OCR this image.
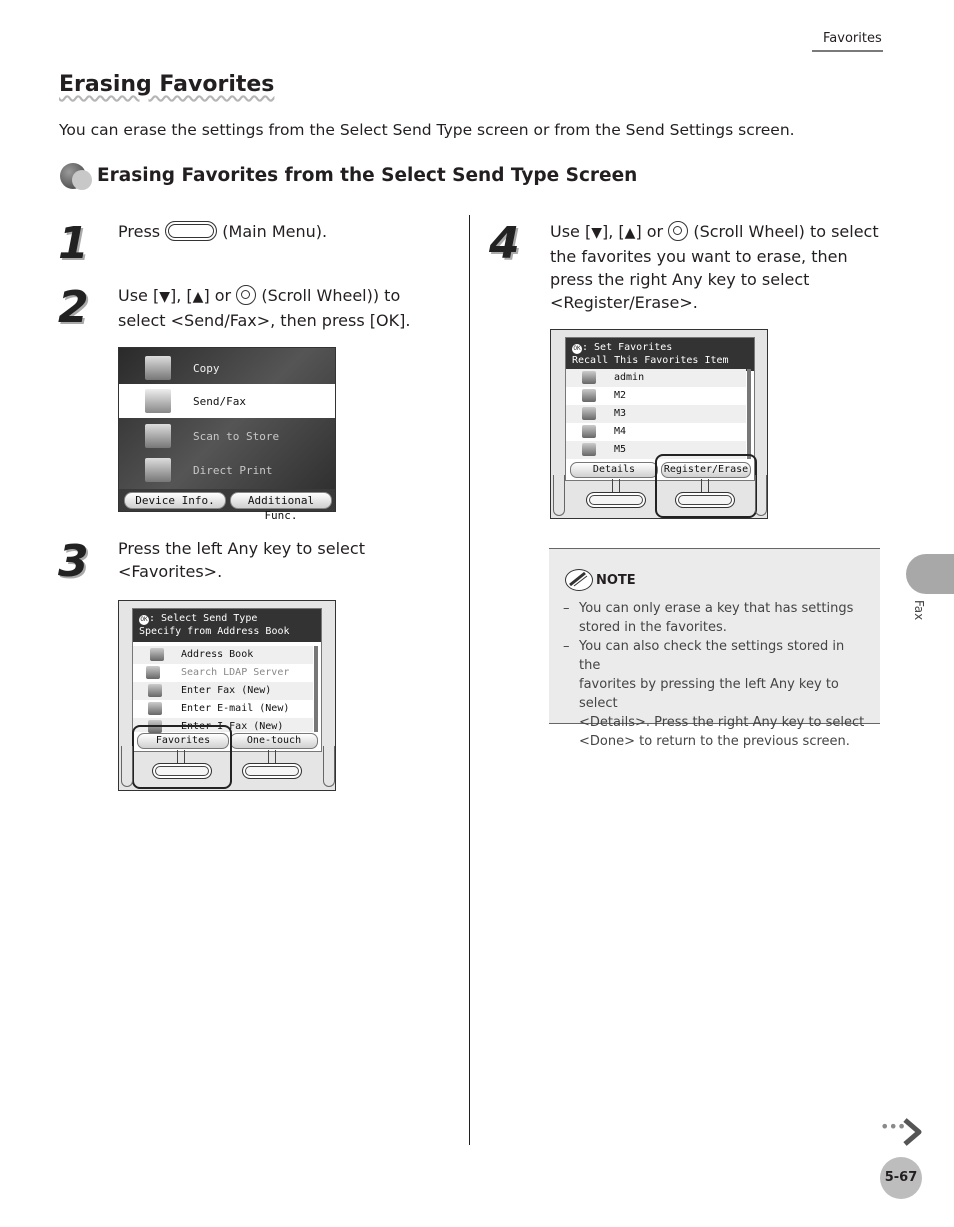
Favorites
Erasing Favorites
You can erase the settings from the Select Send Type screen or from the Send Settings screen.
Erasing Favorites from the Select Send Type Screen
1 Press	(Main Menu).
2 Use [▼], [▲] or (Scroll Wheel)) to
select <Send/Fax>, then press [OK].
Copy
Send/Fax
Scan to Store
Direct Print
Device Info.	Additional Func.
3 Press the left Any key to select
<Favorites>.
OK: Select Send Type
Specify from Address Book
Address Book
Search LDAP Server
Enter Fax (New)
Enter E-mail (New)
Enter I-Fax (New)
Favorites	One-touch
4 Use [▼], [▲] or (Scroll Wheel) to select
the favorites you want to erase, then
press the right Any key to select
<Register/Erase>.
OK: Set Favorites
Recall This Favorites Item
admin
M2
M3
M4
M5
Details	Register/Erase
NOTE
– You can only erase a key that has settings
stored in the favorites.
– You can also check the settings stored in the
favorites by pressing the left Any key to select
<Details>. Press the right Any key to select
<Done> to return to the previous screen.
Fax
•••
5-67
